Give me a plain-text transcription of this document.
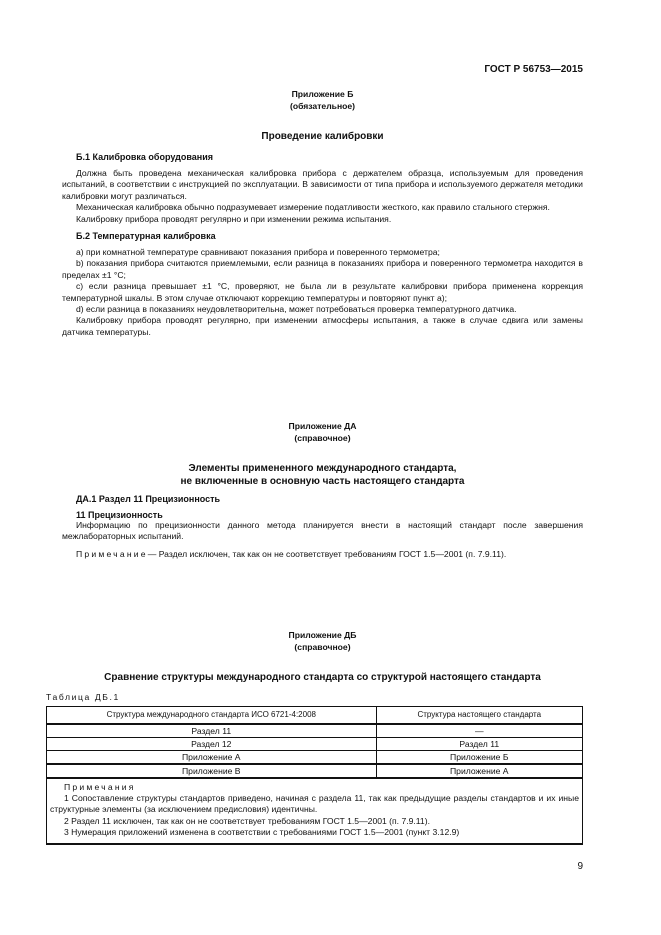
ГОСТ Р 56753—2015
Приложение Б
(обязательное)
Проведение калибровки

Б.1 Калибровка оборудования

Должна быть проведена механическая калибровка прибора с держателем образца, используемым для проведения испытаний, в соответствии с инструкцией по эксплуатации. В зависимости от типа прибора и используемого держателя методики калибровки могут различаться.

Механическая калибровка обычно подразумевает измерение податливости жесткого, как правило стального стержня.

Калибровку прибора проводят регулярно и при изменении режима испытания.

Б.2 Температурная калибровка

a) при комнатной температуре сравнивают показания прибора и поверенного термометра;

b) показания прибора считаются приемлемыми, если разница в показаниях прибора и поверенного термометра находится в пределах ±1 °С;

c) если разница превышает ±1 °С, проверяют, не была ли в результате калибровки прибора применена коррекция температурной шкалы. В этом случае отключают коррекцию температуры и повторяют пункт a);

d) если разница в показаниях неудовлетворительна, может потребоваться проверка температурного датчика.

Калибровку прибора проводят регулярно, при изменении атмосферы испытания, а также в случае сдвига или замены датчика температуры.

Приложение ДА
(справочное)
Элементы примененного международного стандарта,
не включенные в основную часть настоящего стандарта

ДА.1 Раздел 11 Прецизионность

11 Прецизионность

Информацию по прецизионности данного метода планируется внести в настоящий стандарт после завершения межлабораторных испытаний.

Примечание— Раздел исключен, так как он не соответствует требованиям ГОСТ 1.5—2001 (п. 7.9.11).

Приложение ДБ
(справочное)
Сравнение структуры международного стандарта со структурой настоящего стандарта
Таблица ДБ.1
Структура международного стандарта ИСО 6721-4:2008	Структура настоящего стандарта
Раздел 11	—
Раздел 12	Раздел 11
Приложение А	Приложение Б
Приложение В	Приложение А

Примечания

1 Сопоставление структуры стандартов приведено, начиная с раздела 11, так как предыдущие разделы стандартов и их иные структурные элементы (за исключением предисловия) идентичны.

2 Раздел 11 исключен, так как он не соответствует требованиям ГОСТ 1.5—2001 (п. 7.9.11).

3 Нумерация приложений изменена в соответствии с требованиями ГОСТ 1.5—2001 (пункт 3.12.9)	

9
